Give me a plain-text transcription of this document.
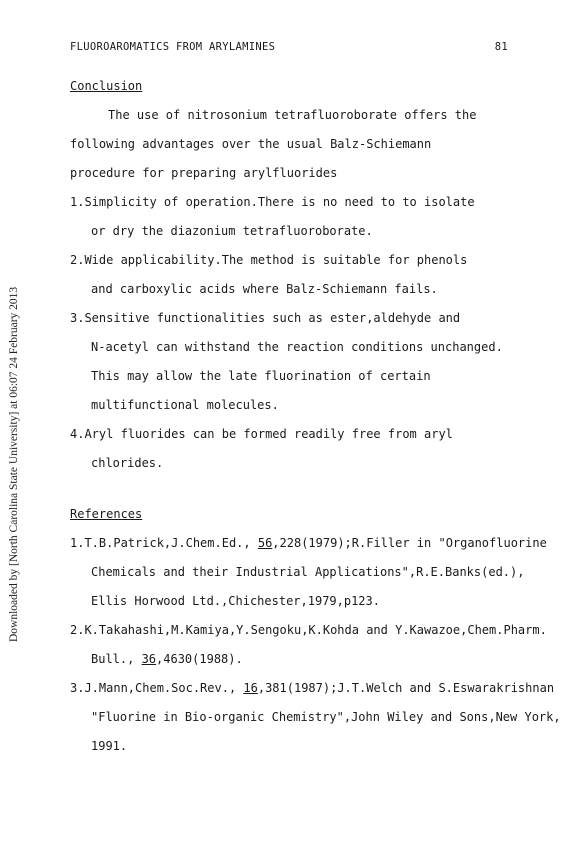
FLUOROAROMATICS FROM ARYLAMINES	81
Downloaded by [North Carolina State University] at 06:07 24 February 2013
Conclusion
The use of nitrosonium tetrafluoroborate offers the
following advantages over the usual Balz-Schiemann
procedure for preparing arylfluorides
1.Simplicity of operation.There is no need to to isolate
or dry the diazonium tetrafluoroborate.
2.Wide applicability.The method is suitable for phenols
and carboxylic acids where Balz-Schiemann fails.
3.Sensitive functionalities such as ester,aldehyde and
N-acetyl can withstand the reaction conditions unchanged.
This may allow the late fluorination of certain
multifunctional molecules.
4.Aryl fluorides can be formed readily free from aryl
chlorides.
References
1.T.B.Patrick,J.Chem.Ed., 56,228(1979);R.Filler in "Organofluorine
Chemicals and their Industrial Applications",R.E.Banks(ed.),
Ellis Horwood Ltd.,Chichester,1979,p123.
2.K.Takahashi,M.Kamiya,Y.Sengoku,K.Kohda and Y.Kawazoe,Chem.Pharm.
Bull., 36,4630(1988).
3.J.Mann,Chem.Soc.Rev., 16,381(1987);J.T.Welch and S.Eswarakrishnan
"Fluorine in Bio-organic Chemistry",John Wiley and Sons,New York,
1991.
